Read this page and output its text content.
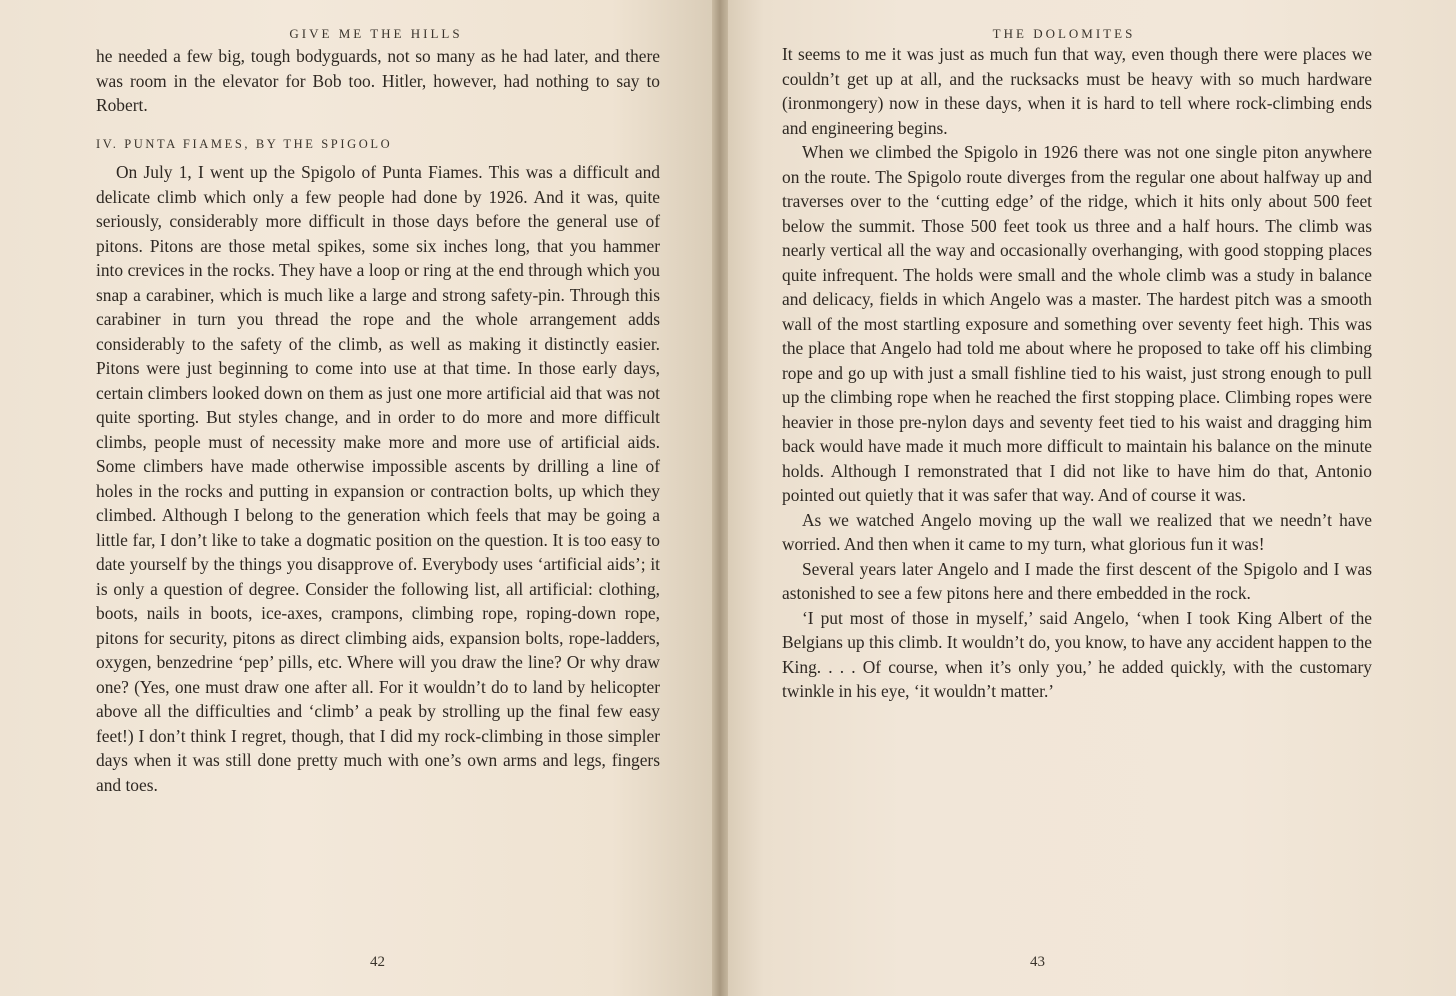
GIVE ME THE HILLS

he needed a few big, tough bodyguards, not so many as he had later, and there was room in the elevator for Bob too. Hitler, however, had nothing to say to Robert.

IV. PUNTA FIAMES, BY THE SPIGOLO

On July 1, I went up the Spigolo of Punta Fiames. This was a difficult and delicate climb which only a few people had done by 1926. And it was, quite seriously, considerably more difficult in those days before the general use of pitons. Pitons are those metal spikes, some six inches long, that you hammer into crevices in the rocks. They have a loop or ring at the end through which you snap a carabiner, which is much like a large and strong safety-pin. Through this carabiner in turn you thread the rope and the whole arrangement adds considerably to the safety of the climb, as well as making it distinctly easier. Pitons were just beginning to come into use at that time. In those early days, certain climbers looked down on them as just one more artificial aid that was not quite sporting. But styles change, and in order to do more and more difficult climbs, people must of necessity make more and more use of artificial aids. Some climbers have made otherwise impossible ascents by drilling a line of holes in the rocks and putting in expansion or contraction bolts, up which they climbed. Although I belong to the generation which feels that may be going a little far, I don’t like to take a dogmatic position on the question. It is too easy to date yourself by the things you disapprove of. Everybody uses ‘artificial aids’; it is only a question of degree. Consider the following list, all artificial: clothing, boots, nails in boots, ice-axes, crampons, climbing rope, roping-down rope, pitons for security, pitons as direct climbing aids, expansion bolts, rope-ladders, oxygen, benzedrine ‘pep’ pills, etc. Where will you draw the line? Or why draw one? (Yes, one must draw one after all. For it wouldn’t do to land by helicopter above all the difficulties and ‘climb’ a peak by strolling up the final few easy feet!) I don’t think I regret, though, that I did my rock-climbing in those simpler days when it was still done pretty much with one’s own arms and legs, fingers and toes.

42
THE DOLOMITES

It seems to me it was just as much fun that way, even though there were places we couldn’t get up at all, and the rucksacks must be heavy with so much hardware (ironmongery) now in these days, when it is hard to tell where rock-climbing ends and engineering begins.

When we climbed the Spigolo in 1926 there was not one single piton anywhere on the route. The Spigolo route diverges from the regular one about halfway up and traverses over to the ‘cutting edge’ of the ridge, which it hits only about 500 feet below the summit. Those 500 feet took us three and a half hours. The climb was nearly vertical all the way and occasionally overhanging, with good stopping places quite infrequent. The holds were small and the whole climb was a study in balance and delicacy, fields in which Angelo was a master. The hardest pitch was a smooth wall of the most startling exposure and something over seventy feet high. This was the place that Angelo had told me about where he proposed to take off his climbing rope and go up with just a small fishline tied to his waist, just strong enough to pull up the climbing rope when he reached the first stopping place. Climbing ropes were heavier in those pre-nylon days and seventy feet tied to his waist and dragging him back would have made it much more difficult to maintain his balance on the minute holds. Although I remonstrated that I did not like to have him do that, Antonio pointed out quietly that it was safer that way. And of course it was.

As we watched Angelo moving up the wall we realized that we needn’t have worried. And then when it came to my turn, what glorious fun it was!

Several years later Angelo and I made the first descent of the Spigolo and I was astonished to see a few pitons here and there embedded in the rock.

‘I put most of those in myself,’ said Angelo, ‘when I took King Albert of the Belgians up this climb. It wouldn’t do, you know, to have any accident happen to the King. . . . Of course, when it’s only you,’ he added quickly, with the customary twinkle in his eye, ‘it wouldn’t matter.’

43
